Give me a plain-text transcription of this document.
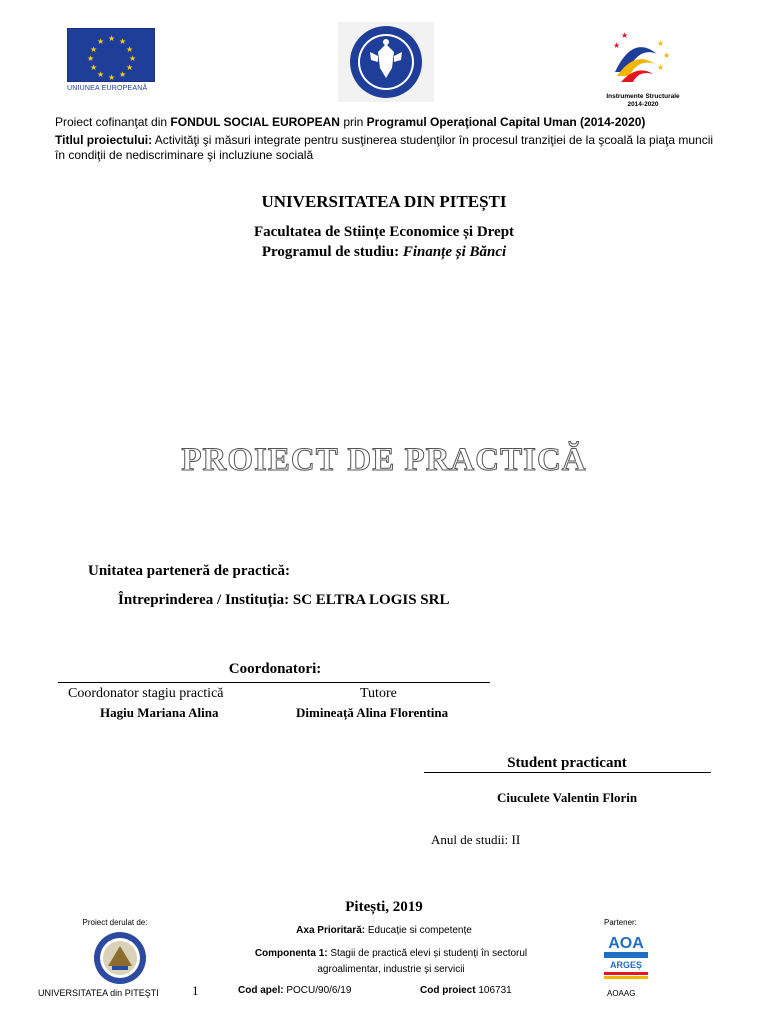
★ ★
★
★
★
★
★
★
★
★
★
★
UNIUNEA EUROPEANĂ
★
★	★
★
★
Instrumente Structurale
2014-2020

Proiect cofinanţat din FONDUL SOCIAL EUROPEAN prin Programul Operaţional Capital Uman (2014-2020)

Titlul proiectului: Activităţi şi măsuri integrate pentru susţinerea studenţilor în procesul tranziţiei de la şcoală la piaţa muncii în condiţii de nediscriminare şi incluziune socială

UNIVERSITATEA DIN PITEȘTI
Facultatea de Stiințe Economice și Drept
Programul de studiu: Finanțe și Bănci
PROIECT DE PRACTICĂ
Unitatea parteneră de practică:
Întreprinderea / Instituția: SC ELTRA LOGIS SRL
Coordonatori:
Coordonator stagiu practică	Tutore
Hagiu Mariana Alina	Dimineață Alina Florentina
Student practicant
Ciuculete Valentin Florin
Anul de studii: II
Pitești, 2019
Proiect derulat de:
UNIVERSITATEA din PITEŞTI	1
Axa Prioritară: Educație si competențe
Componenta 1: Stagii de practică elevi și studenți în sectorul agroalimentar, industrie și servicii
Cod apel: POCU/90/6/19	Cod proiect 106731
Partener:
AOA
ARGEȘ
AOAAG
